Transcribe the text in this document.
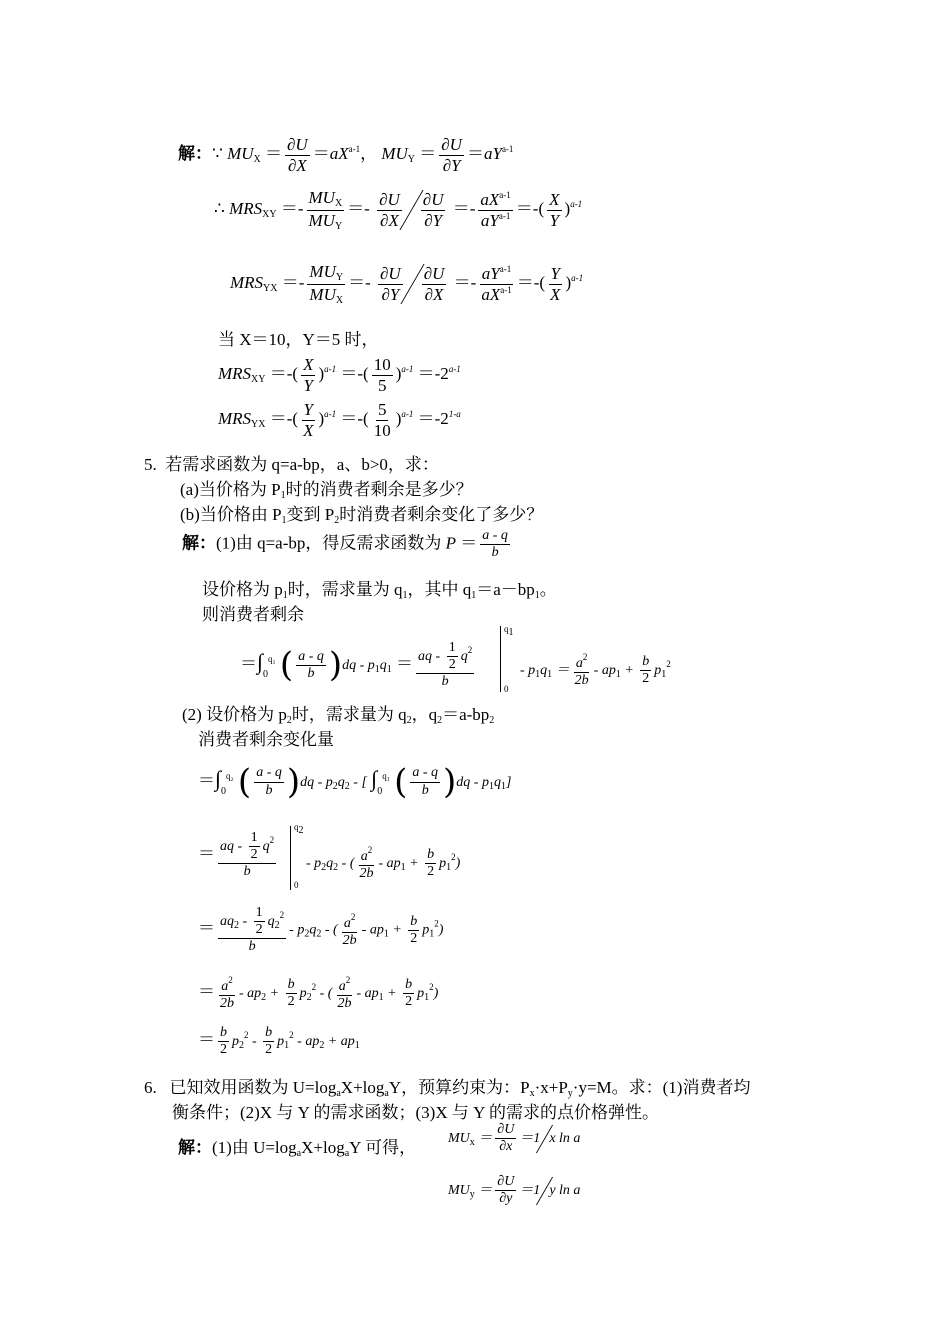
解：∵ $MU_X = \frac{\partial U}{\partial X} =aX^{a-1}$， $MU_Y = \frac{\partial U}{\partial Y} =aY^{a-1}$
∴ $MRS_{XY}$ ＝-
$MU_X$
$MU_Y$
＝- $\frac{\partial U}{\partial X} \frac{\partial U}{\partial Y} =- aX^{a-1}$
$aY^{a-1}$ ＝-( $\frac{X}{Y} )^{a-1}$
$MRS_{YX}$ ＝-
$MU_Y$
$MU_X$
＝- $\frac{\partial U}{\partial Y} \frac{\partial U}{\partial X} =- aY^{a-1}$
$aX^{a-1}$ ＝-( $\frac{Y}{X} )^{a-1}$
当 X＝10，Y＝5 时，
$MRS_{XY}$ ＝-( $\frac{X}{Y} )^{a-1}$ ＝-( $\frac{10}{5} )^{a-1} =-2^{a-1}$
$MRS_{YX}$ ＝-( $\frac{Y}{X} )^{a-1}$ ＝-( $\frac{5}{10} )^{a-1} =-2^{1-a}$
5. 若需求函数为 q=a-bp，a、b>0，求：
(a)当价格为 $P_1$时的消费者剩余是多少？
(b)当价格由 $P_1$变到 $P_2$时消费者剩余变化了多少？
解：(1)由 q=a-bp，得反需求函数为 $P = \frac{a - q}{b}$
设价格为 $p_1$时，需求量为 $q_1$，其中 $q_1=a-bp_1$。
则消费者剩余
$=\int_0^{q_1}$ ( $\frac{a - q}{b} )dq - p_1q_1 = \frac{aq - \frac{1}{2} q^2}{b}$
$q_1$
0
- $p_1q_1 = \frac{a^2}{2b} - ap_1 + \frac{b}{2} p_1^2$
(2) 设价格为 $p_2$时，需求量为 $q_2$，$q_2=a-bp_2$
消费者剩余变化量
$=\int_0^{q_2}$ ( $\frac{a - q}{b} )dq - p_2q_2$ - [ $\int_0^{q_1}$ ( $\frac{a - q}{b} )dq - p_1q_1$]
＝ $\frac{aq - \frac{1}{2} q^2}{b}$
$q_2$
0
- $p_2q_2$ - ( $\frac{a^2}{2b} - ap_1 + \frac{b}{2} p_1^2$)
＝ $\frac{aq_2 - \frac{1}{2} q_2^2}{b} - p_2q_2$ - ( $\frac{a^2}{2b} - ap_1 + \frac{b}{2} p_1^2$)
＝ $\frac{a^2}{2b} - ap_2 + \frac{b}{2} p_2^2$ - ( $\frac{a^2}{2b} - ap_1 + \frac{b}{2} p_1^2$)
＝ $\frac{b}{2} p_2^2 - \frac{b}{2} p_1^2 - ap_2 + ap_1$
6. 已知效用函数为 $U=\log_aX+\log_aY$，预算约束为：$P_x\cdot x+P_y\cdot y=M$。求：(1)消费者均
衡条件；(2)X 与 Y 的需求函数；(3)X 与 Y 的需求的点价格弹性。
解：(1)由 $U=\log_aX+\log_aY$ 可得， $MU_x = \frac{\partial U}{\partial x} =1$ x ln a
$MU_y = \frac{\partial U}{\partial y} =1$ y ln a
